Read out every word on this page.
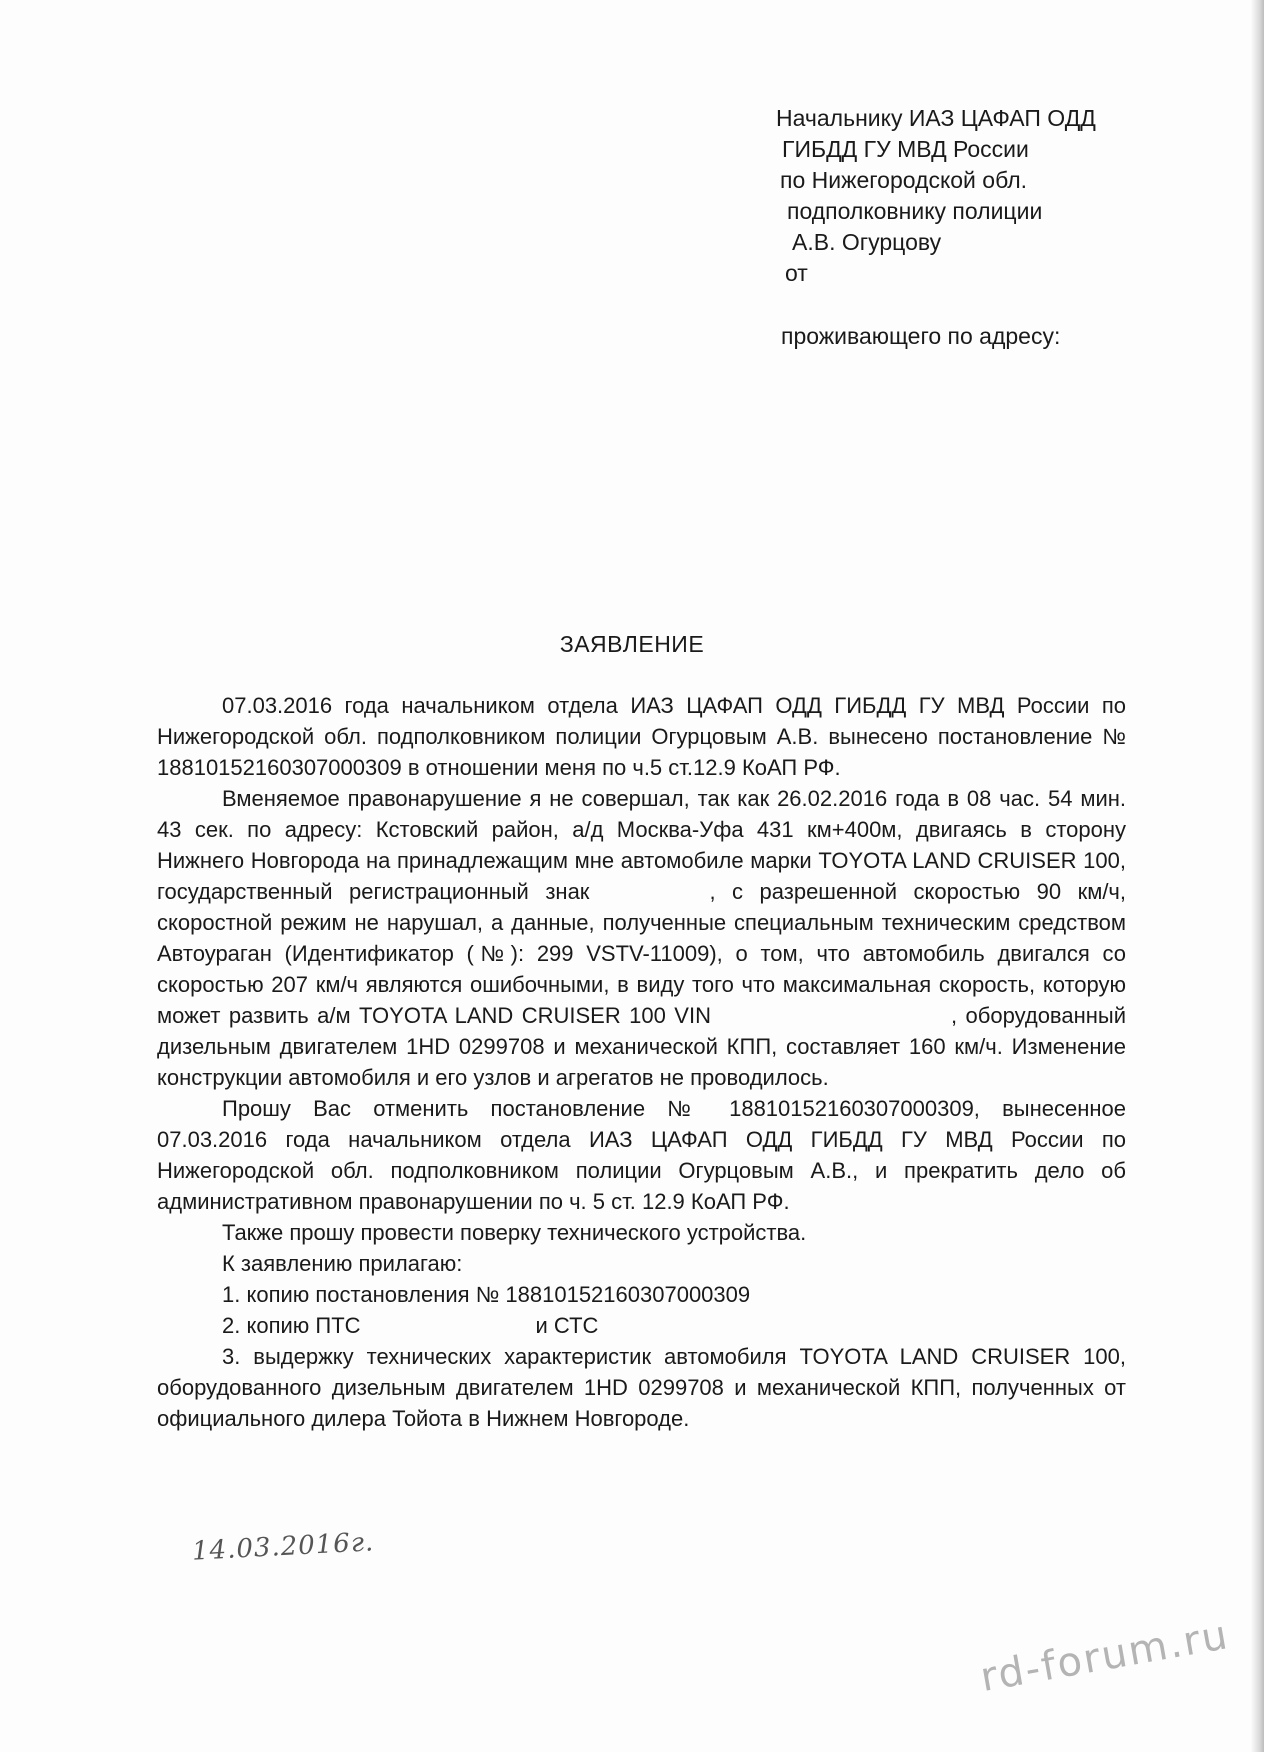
Начальнику ИАЗ ЦАФАП ОДД
ГИБДД ГУ МВД России
по Нижегородской обл.
подполковнику полиции
А.В. Огурцову
от
проживающего по адресу:
ЗАЯВЛЕНИЕ

07.03.2016 года начальником отдела ИАЗ ЦАФАП ОДД ГИБДД ГУ МВД России по Нижегородской обл. подполковником полиции Огурцовым А.В. вынесено постановление № 18810152160307000309 в отношении меня по ч.5 ст.12.9 КоАП РФ.

Вменяемое правонарушение я не совершал, так как 26.02.2016 года в 08 час. 54 мин. 43 сек. по адресу: Кстовский район, а/д Москва-Уфа 431 км+400м, двигаясь в сторону Нижнего Новгорода на принадлежащим мне автомобиле марки TOYOTA LAND CRUISER 100, государственный регистрационный знак	, с разрешенной скоростью 90 км/ч, скоростной режим не нарушал, а данные, полученные специальным техническим средством Автоураган (Идентификатор (№): 299 VSTV-11009), о том, что автомобиль двигался со скоростью 207 км/ч являются ошибочными, в виду того что максимальная скорость, которую может развить а/м TOYOTA LAND CRUISER 100 VIN	, оборудованный дизельным двигателем 1HD 0299708 и механической КПП, составляет 160 км/ч. Изменение конструкции автомобиля и его узлов и агрегатов не проводилось.

Прошу Вас отменить постановление № 18810152160307000309, вынесенное 07.03.2016 года начальником отдела ИАЗ ЦАФАП ОДД ГИБДД ГУ МВД России по Нижегородской обл. подполковником полиции Огурцовым А.В., и прекратить дело об административном правонарушении по ч. 5 ст. 12.9 КоАП РФ.

Также прошу провести поверку технического устройства.

К заявлению прилагаю:

1. копию постановления № 18810152160307000309

2. копию ПТС	и СТС

3. выдержку технических характеристик автомобиля TOYOTA LAND CRUISER 100, оборудованного дизельным двигателем 1HD 0299708 и механической КПП, полученных от официального дилера Тойота в Нижнем Новгороде.

14.03.2016г.
rd-forum.ru
